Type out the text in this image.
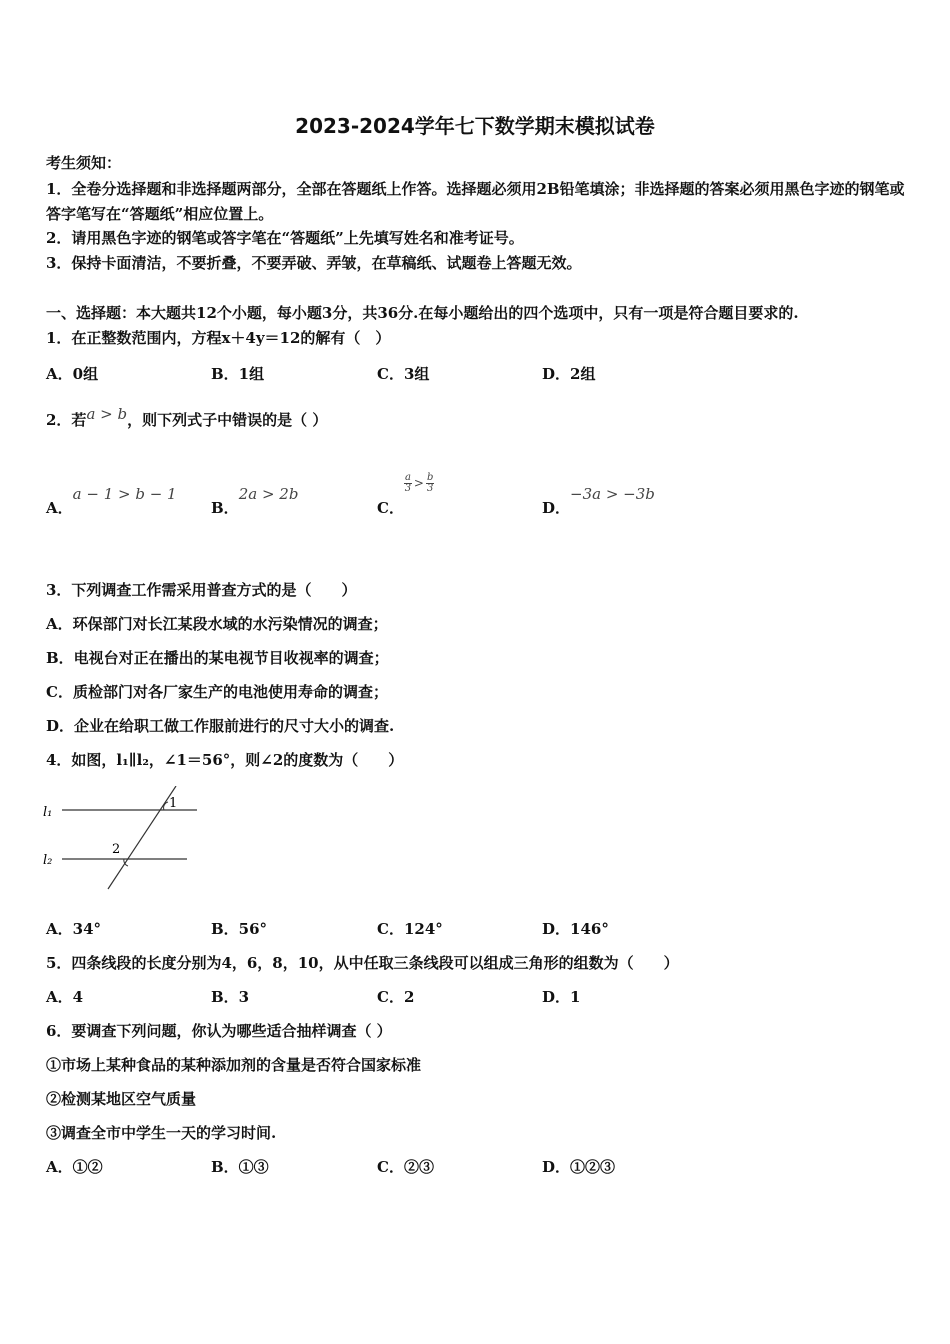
2023-2024学年七下数学期末模拟试卷
考生须知：
1．全卷分选择题和非选择题两部分，全部在答题纸上作答。选择题必须用2B铅笔填涂；非选择题的答案必须用黑色字迹的钢笔或答字笔写在“答题纸”相应位置上。
2．请用黑色字迹的钢笔或答字笔在“答题纸”上先填写姓名和准考证号。
3．保持卡面清洁，不要折叠，不要弄破、弄皱，在草稿纸、试题卷上答题无效。
一、选择题：本大题共12个小题，每小题3分，共36分.在每小题给出的四个选项中，只有一项是符合题目要求的.
1．在正整数范围内，方程x＋4y＝12的解有（　）
A．0组	B．1组	C．3组	D．2组
2．若a > b，则下列式子中错误的是（ ）
A．a − 1 > b − 1
B．2a > 2b
C．
$\frac{a}{3} > \frac{b}{3}$
D．−3a > −3b
3．下列调查工作需采用普查方式的是（　　）
A．环保部门对长江某段水域的水污染情况的调查；
B．电视台对正在播出的某电视节目收视率的调查；
C．质检部门对各厂家生产的电池使用寿命的调查；
D．企业在给职工做工作服前进行的尺寸大小的调查.
4．如图，l₁∥l₂，∠1＝56°，则∠2的度数为（　　）
l₁
l₂
1
2
A．34°	B．56°	C．124°	D．146°
5．四条线段的长度分别为4，6，8，10，从中任取三条线段可以组成三角形的组数为（　　）
A．4	B．3	C．2	D．1
6．要调查下列问题，你认为哪些适合抽样调查（ ）
①市场上某种食品的某种添加剂的含量是否符合国家标准
②检测某地区空气质量
③调查全市中学生一天的学习时间.
A．①②	B．①③	C．②③	D．①②③
